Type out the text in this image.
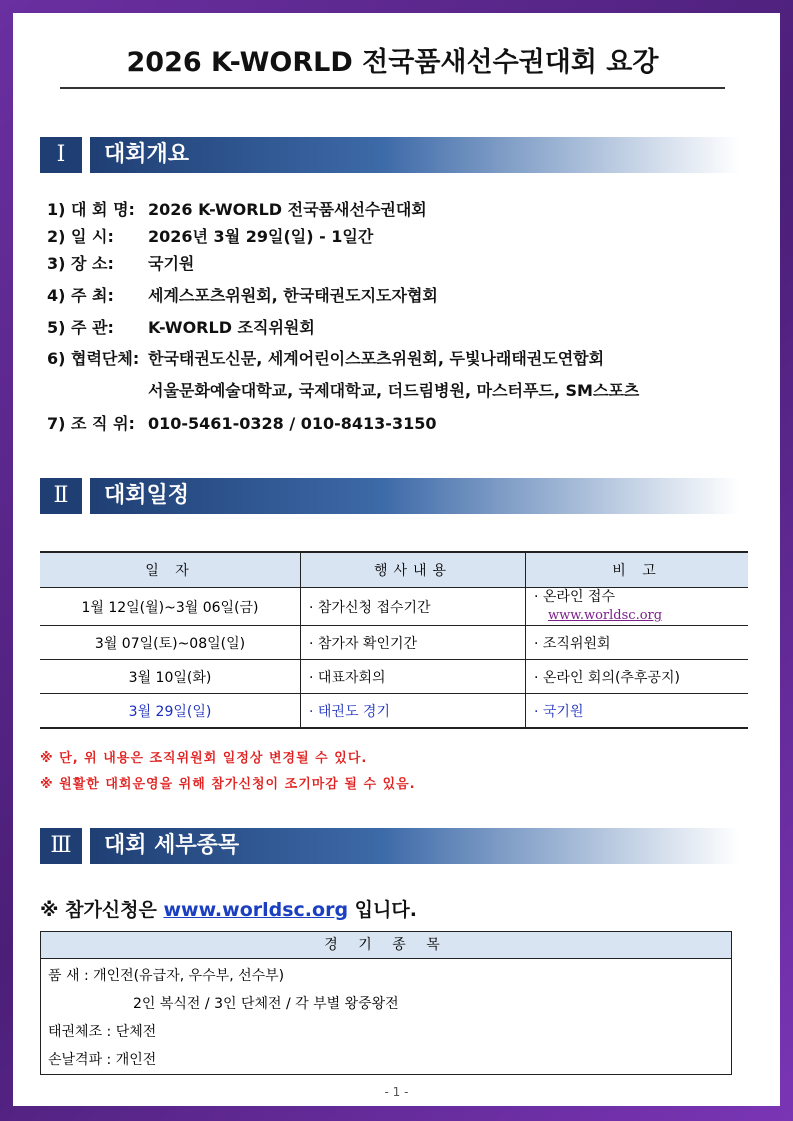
2026 K-WORLD 전국품새선수권대회 요강
Ⅰ	대회개요
1) 대 회 명: 2026 K-WORLD 전국품새선수권대회
2) 일 시: 2026년 3월 29일(일) - 1일간
3) 장 소: 국기원
4) 주 최: 세계스포츠위원회, 한국태권도지도자협회
5) 주 관: K-WORLD 조직위원회
6) 협력단체: 한국태권도신문, 세계어린이스포츠위원회, 두빛나래태권도연합회
서울문화예술대학교, 국제대학교, 더드림병원, 마스터푸드, SM스포츠
7) 조 직 위: 010-5461-0328 / 010-8413-3150
Ⅱ	대회일정
일 자	행사내용	비 고
1월 12일(월)~3월 06일(금)	· 참가신청 접수기간	· 온라인 접수
www.worldsc.org

3월 07일(토)~08일(일)	· 참가자 확인기간	· 조직위원회
3월 10일(화)	· 대표자회의	· 온라인 회의(추후공지)
3월 29일(일)	· 태권도 경기	· 국기원
※ 단, 위 내용은 조직위원회 일정상 변경될 수 있다.
※ 원활한 대회운영을 위해 참가신청이 조기마감 될 수 있음.
Ⅲ	대회 세부종목
※ 참가신청은 www.worldsc.org 입니다.
경 기 종 목
품 새 : 개인전(유급자, 우수부, 선수부)
2인 복식전 / 3인 단체전 / 각 부별 왕중왕전
태권체조 : 단체전
손날격파 : 개인전
- 1 -
